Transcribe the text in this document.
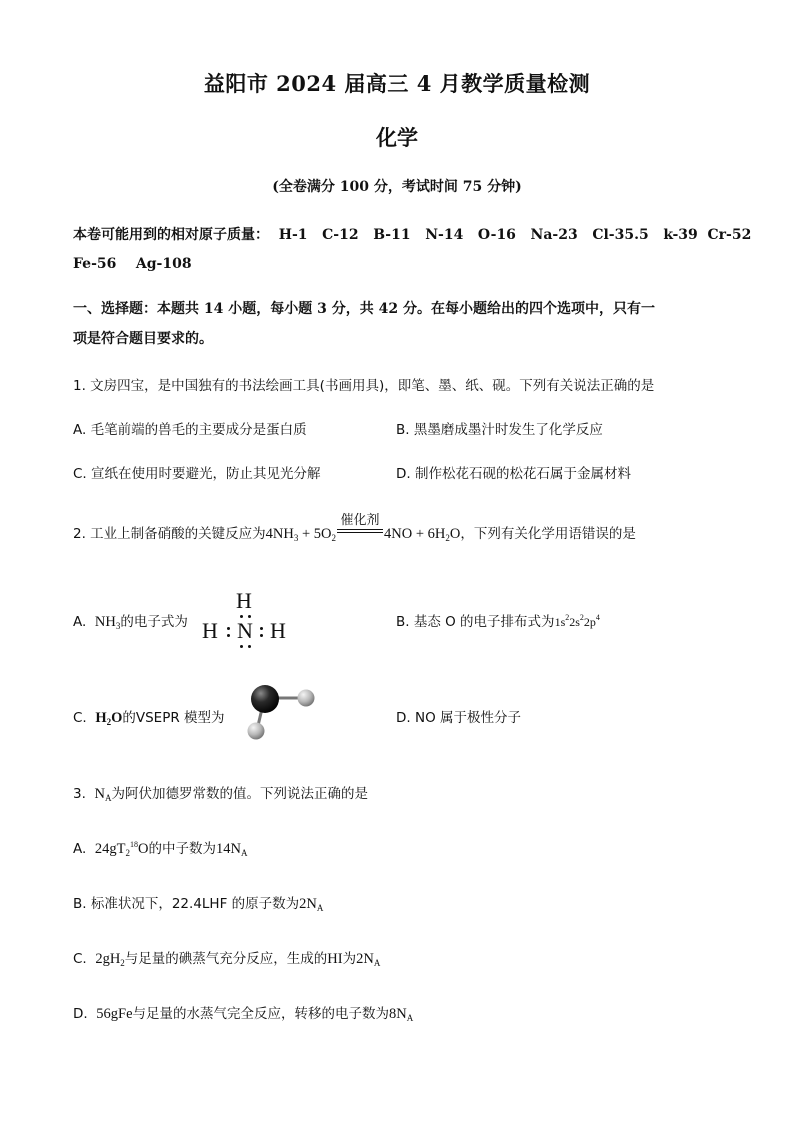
益阳市 2024 届高三 4 月教学质量检测
化学
(全卷满分 100 分，考试时间 75 分钟)
本卷可能用到的相对原子质量：  H-1   C-12   B-11   N-14   O-16   Na-23   Cl-35.5   k-39  Cr-52
Fe-56    Ag-108
一、选择题：本题共 14 小题，每小题 3 分，共 42 分。在每小题给出的四个选项中，只有一
项是符合题目要求的。
1. 文房四宝，是中国独有的书法绘画工具(书画用具)，即笔、墨、纸、砚。下列有关说法正确的是
A. 毛笔前端的兽毛的主要成分是蛋白质	B. 黑墨磨成墨汁时发生了化学反应
C. 宣纸在使用时要避光，防止其见光分解	D. 制作松花石砚的松花石属于金属材料
2. 工业上制备硝酸的关键反应为$4NH_3 + 5O_2$
催化剂
$4NO + 6H_2O$，下列有关化学用语错误的是
A. $NH_3$的电子式为
H
H N H	B. 基态 O 的电子排布式为$1s^22s^22p^4$
C. $H_2O$的VSEPR 模型为	D. NO 属于极性分子
3.  $N_A$为阿伏加德罗常数的值。下列说法正确的是
A. $24gT_2^{18}O$的中子数为$14N_A$
B. 标准状况下，22.4LHF 的原子数为$2N_A$
C. $2gH_2$与足量的碘蒸气充分反应，生成的HI为$2N_A$
D. 56gFe与足量的水蒸气完全反应，转移的电子数为$8N_A$
